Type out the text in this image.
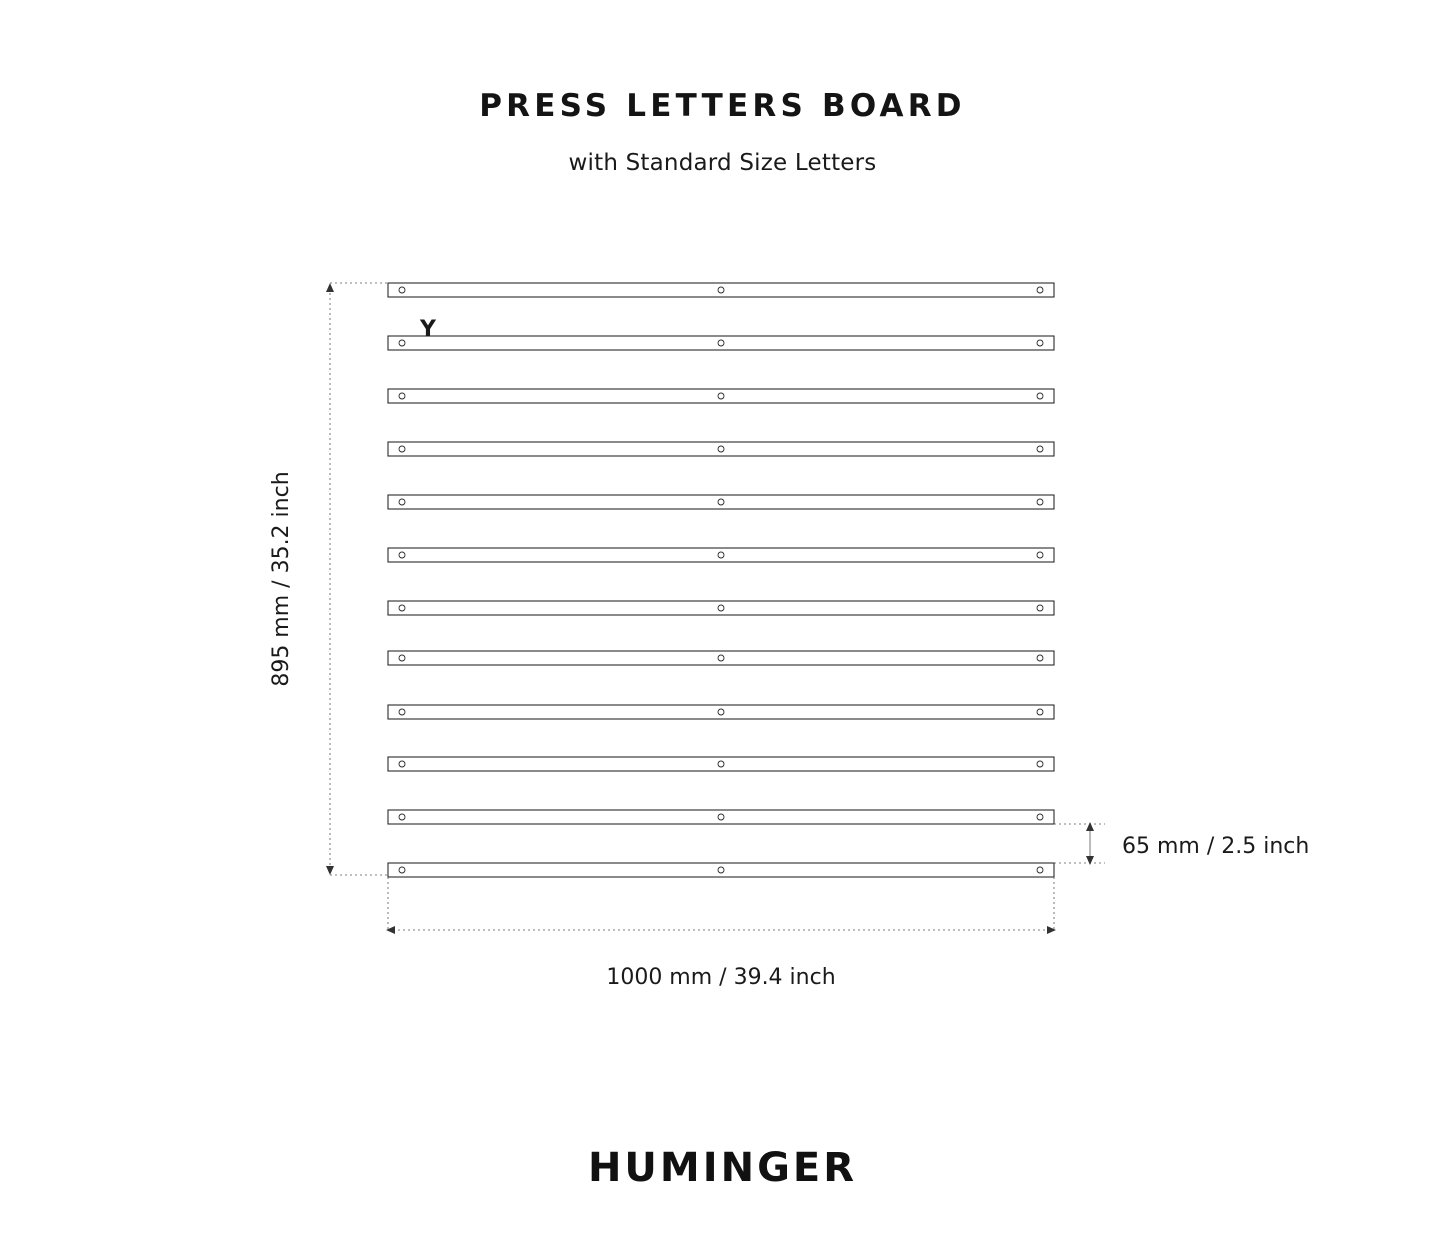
PRESS LETTERS BOARD

with Standard Size Letters

Y
895 mm / 35.2 inch
65 mm / 2.5 inch
1000 mm / 39.4 inch
HUMINGER
